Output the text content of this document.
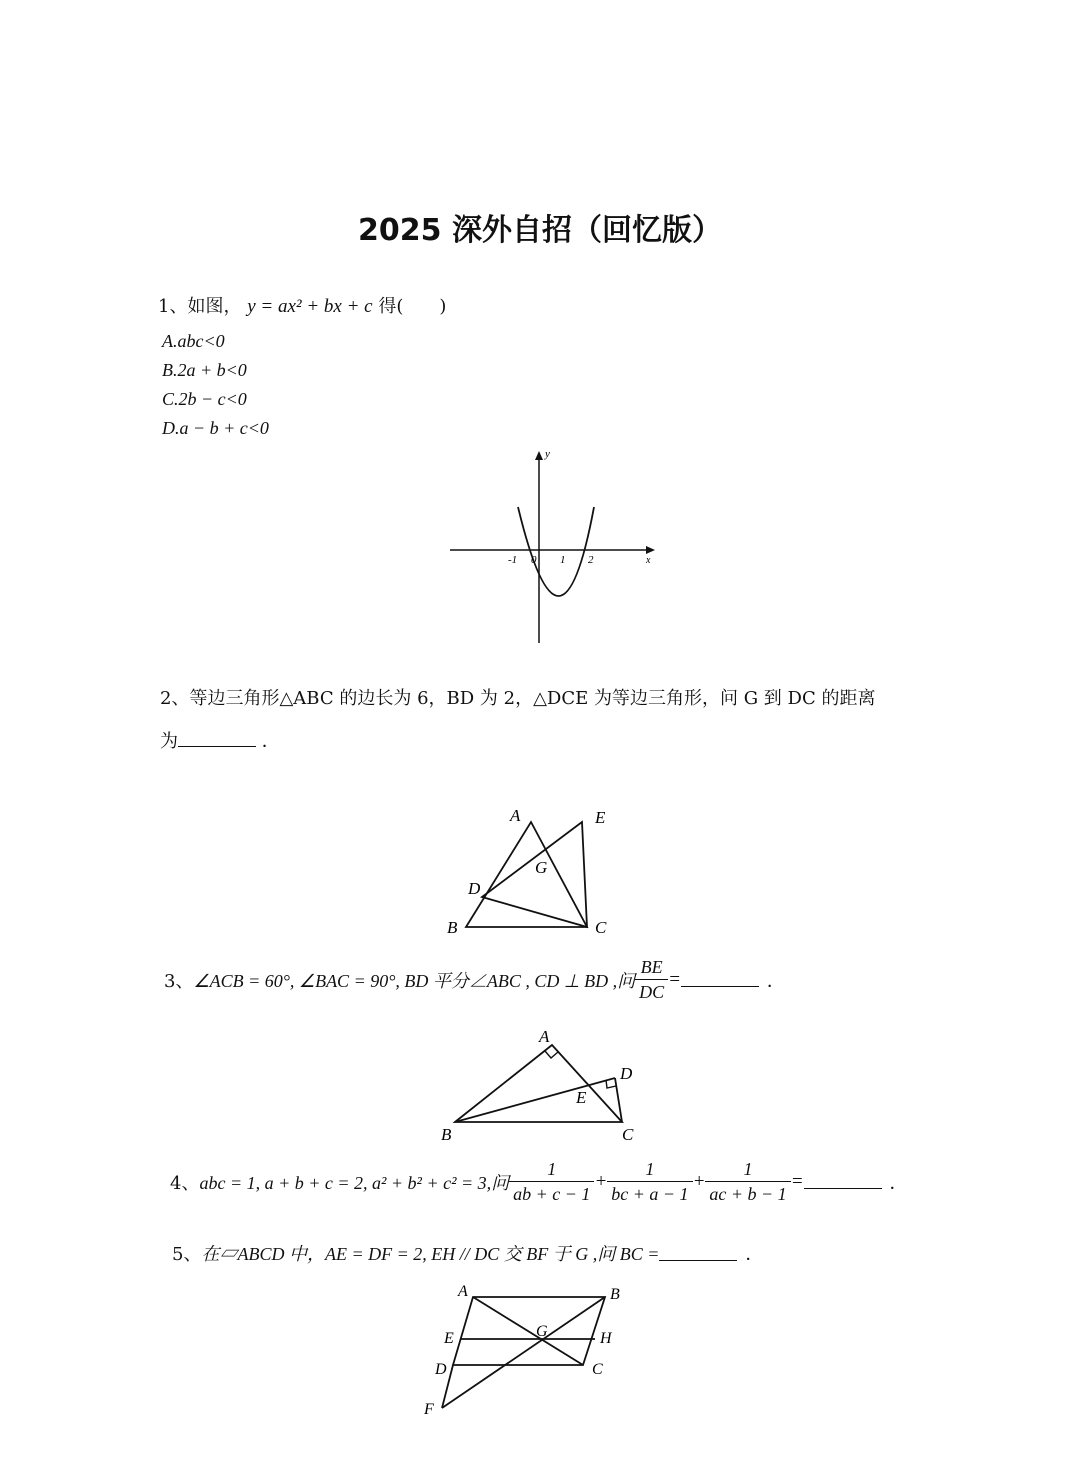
2025 深外自招（回忆版）
1、如图， y = ax² + bx + c 得(　　)
A.abc<0
B.2a + b<0
C.2b − c<0
D.a − b + c<0
y
x
-1 0 1 2
2、等边三角形△ABC 的边长为 6，BD 为 2，△DCE 为等边三角形，问 G 到 DC 的距离
为	．
A	E
G
D
B	C
3、 ∠ACB = 60°, ∠BAC = 90°, BD 平分∠ABC , CD ⊥ BD ,问 $\frac{BE}{DC}$ =	．
A
D
E
B	C
4、 abc = 1, a + b + c = 2, a² + b² + c² = 3,问 $\frac{1}{ab + c - 1} + \frac{1}{bc + a - 1} + \frac{1}{ac + b - 1}$ =	．
5、 在▱ABCD 中，AE = DF = 2, EH // DC 交 BF 于 G ,问 BC =	．
A	B
E	G	H
D	C
F
